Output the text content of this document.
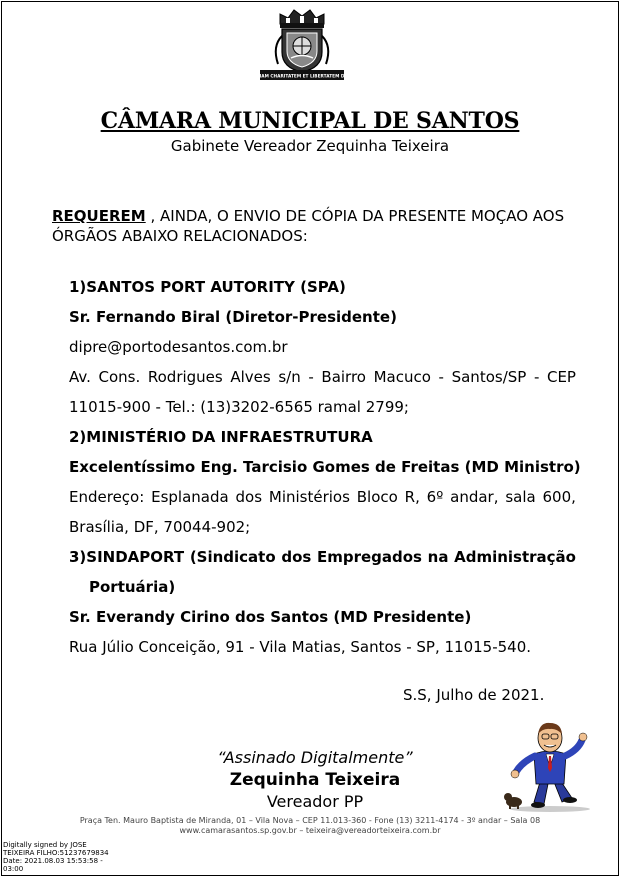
PATRIAM CHARITATEM ET LIBERTATEM DOCUI
CÂMARA MUNICIPAL DE SANTOS
Gabinete Vereador Zequinha Teixeira
REQUEREM , AINDA, O ENVIO DE CÓPIA DA PRESENTE MOÇAO AOS
ÓRGÃOS ABAIXO RELACIONADOS:
1)SANTOS PORT AUTORITY (SPA)
Sr. Fernando Biral (Diretor-Presidente)
dipre@portodesantos.com.br
Av. Cons. Rodrigues Alves s/n - Bairro Macuco - Santos/SP - CEP
11015-900 - Tel.: (13)3202-6565 ramal 2799;
2)MINISTÉRIO DA INFRAESTRUTURA
Excelentíssimo Eng. Tarcisio Gomes de Freitas (MD Ministro)
Endereço: Esplanada dos Ministérios Bloco R, 6º andar, sala 600,
Brasília, DF, 70044-902;
3)SINDAPORT (Sindicato dos Empregados na Administração
Portuária)
Sr. Everandy Cirino dos Santos (MD Presidente)
Rua Júlio Conceição, 91 - Vila Matias, Santos - SP, 11015-540.
S.S, Julho de 2021.
“Assinado Digitalmente”
Zequinha Teixeira
Vereador PP
Praça Ten. Mauro Baptista de Miranda, 01 – Vila Nova – CEP 11.013-360 - Fone (13) 3211-4174 - 3º andar – Sala 08
www.camarasantos.sp.gov.br – teixeira@vereadorteixeira.com.br
Digitally signed by JOSE
TEIXEIRA FILHO:51237679834
Date: 2021.08.03 15:53:58 -
03:00
